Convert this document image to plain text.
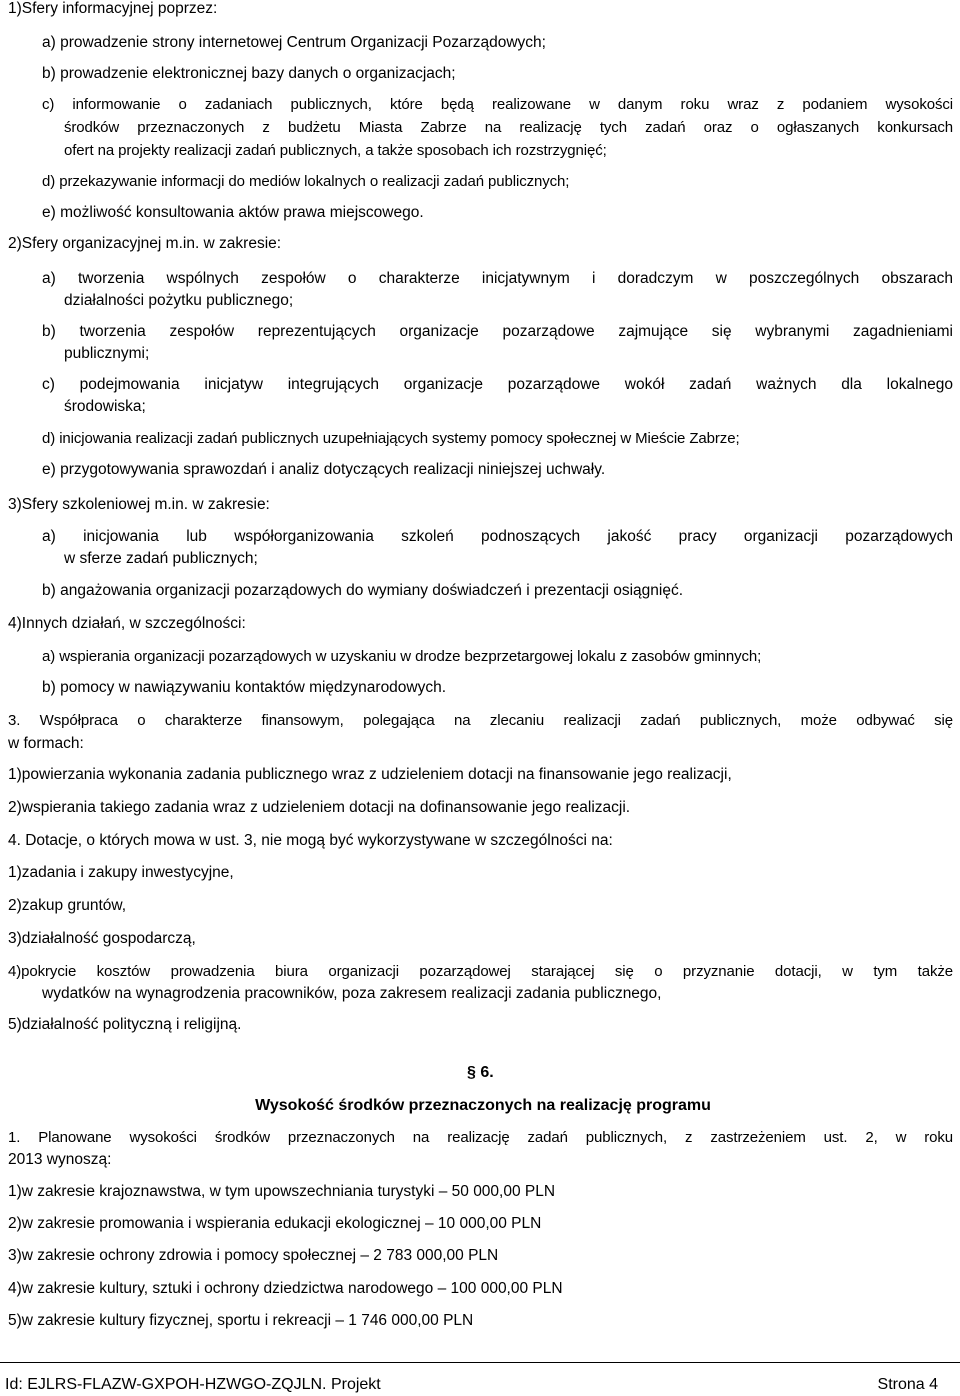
1)Sfery informacyjnej poprzez:
a) prowadzenie strony internetowej Centrum Organizacji Pozarządowych;
b) prowadzenie elektronicznej bazy danych o organizacjach;
c) informowanie o zadaniach publicznych, które będą realizowane w danym roku wraz z podaniem wysokości
środków przeznaczonych z budżetu Miasta Zabrze na realizację tych zadań oraz o ogłaszanych konkursach
ofert na projekty realizacji zadań publicznych, a także sposobach ich rozstrzygnięć;
d) przekazywanie informacji do mediów lokalnych o realizacji zadań publicznych;
e) możliwość konsultowania aktów prawa miejscowego.
2)Sfery organizacyjnej m.in. w zakresie:
a) tworzenia wspólnych zespołów o charakterze inicjatywnym i doradczym w poszczególnych obszarach
działalności pożytku publicznego;
b) tworzenia zespołów reprezentujących organizacje pozarządowe zajmujące się wybranymi zagadnieniami
publicznymi;
c) podejmowania inicjatyw integrujących organizacje pozarządowe wokół zadań ważnych dla lokalnego
środowiska;
d) inicjowania realizacji zadań publicznych uzupełniających systemy pomocy społecznej w Mieście Zabrze;
e) przygotowywania sprawozdań i analiz dotyczących realizacji niniejszej uchwały.
3)Sfery szkoleniowej m.in. w zakresie:
a) inicjowania lub współorganizowania szkoleń podnoszących jakość pracy organizacji pozarządowych
w sferze zadań publicznych;
b) angażowania organizacji pozarządowych do wymiany doświadczeń i prezentacji osiągnięć.
4)Innych działań, w szczególności:
a) wspierania organizacji pozarządowych w uzyskaniu w drodze bezprzetargowej lokalu z zasobów gminnych;
b) pomocy w nawiązywaniu kontaktów międzynarodowych.
3. Współpraca o charakterze finansowym, polegająca na zlecaniu realizacji zadań publicznych, może odbywać się
w formach:
1)powierzania wykonania zadania publicznego wraz z udzieleniem dotacji na finansowanie jego realizacji,
2)wspierania takiego zadania wraz z udzieleniem dotacji na dofinansowanie jego realizacji.
4. Dotacje, o których mowa w ust. 3, nie mogą być wykorzystywane w szczególności na:
1)zadania i zakupy inwestycyjne,
2)zakup gruntów,
3)działalność gospodarczą,
4)pokrycie kosztów prowadzenia biura organizacji pozarządowej starającej się o przyznanie dotacji, w tym także
wydatków na wynagrodzenia pracowników, poza zakresem realizacji zadania publicznego,
5)działalność polityczną i religijną.
§ 6.
Wysokość środków przeznaczonych na realizację programu
1. Planowane wysokości środków przeznaczonych na realizację zadań publicznych, z zastrzeżeniem ust. 2, w roku
2013 wynoszą:
1)w zakresie krajoznawstwa, w tym upowszechniania turystyki – 50 000,00 PLN
2)w zakresie promowania i wspierania edukacji ekologicznej – 10 000,00 PLN
3)w zakresie ochrony zdrowia i pomocy społecznej – 2 783 000,00 PLN
4)w zakresie kultury, sztuki i ochrony dziedzictwa narodowego – 100 000,00 PLN
5)w zakresie kultury fizycznej, sportu i rekreacji – 1 746 000,00 PLN
Id: EJLRS-FLAZW-GXPOH-HZWGO-ZQJLN. Projekt	Strona 4
